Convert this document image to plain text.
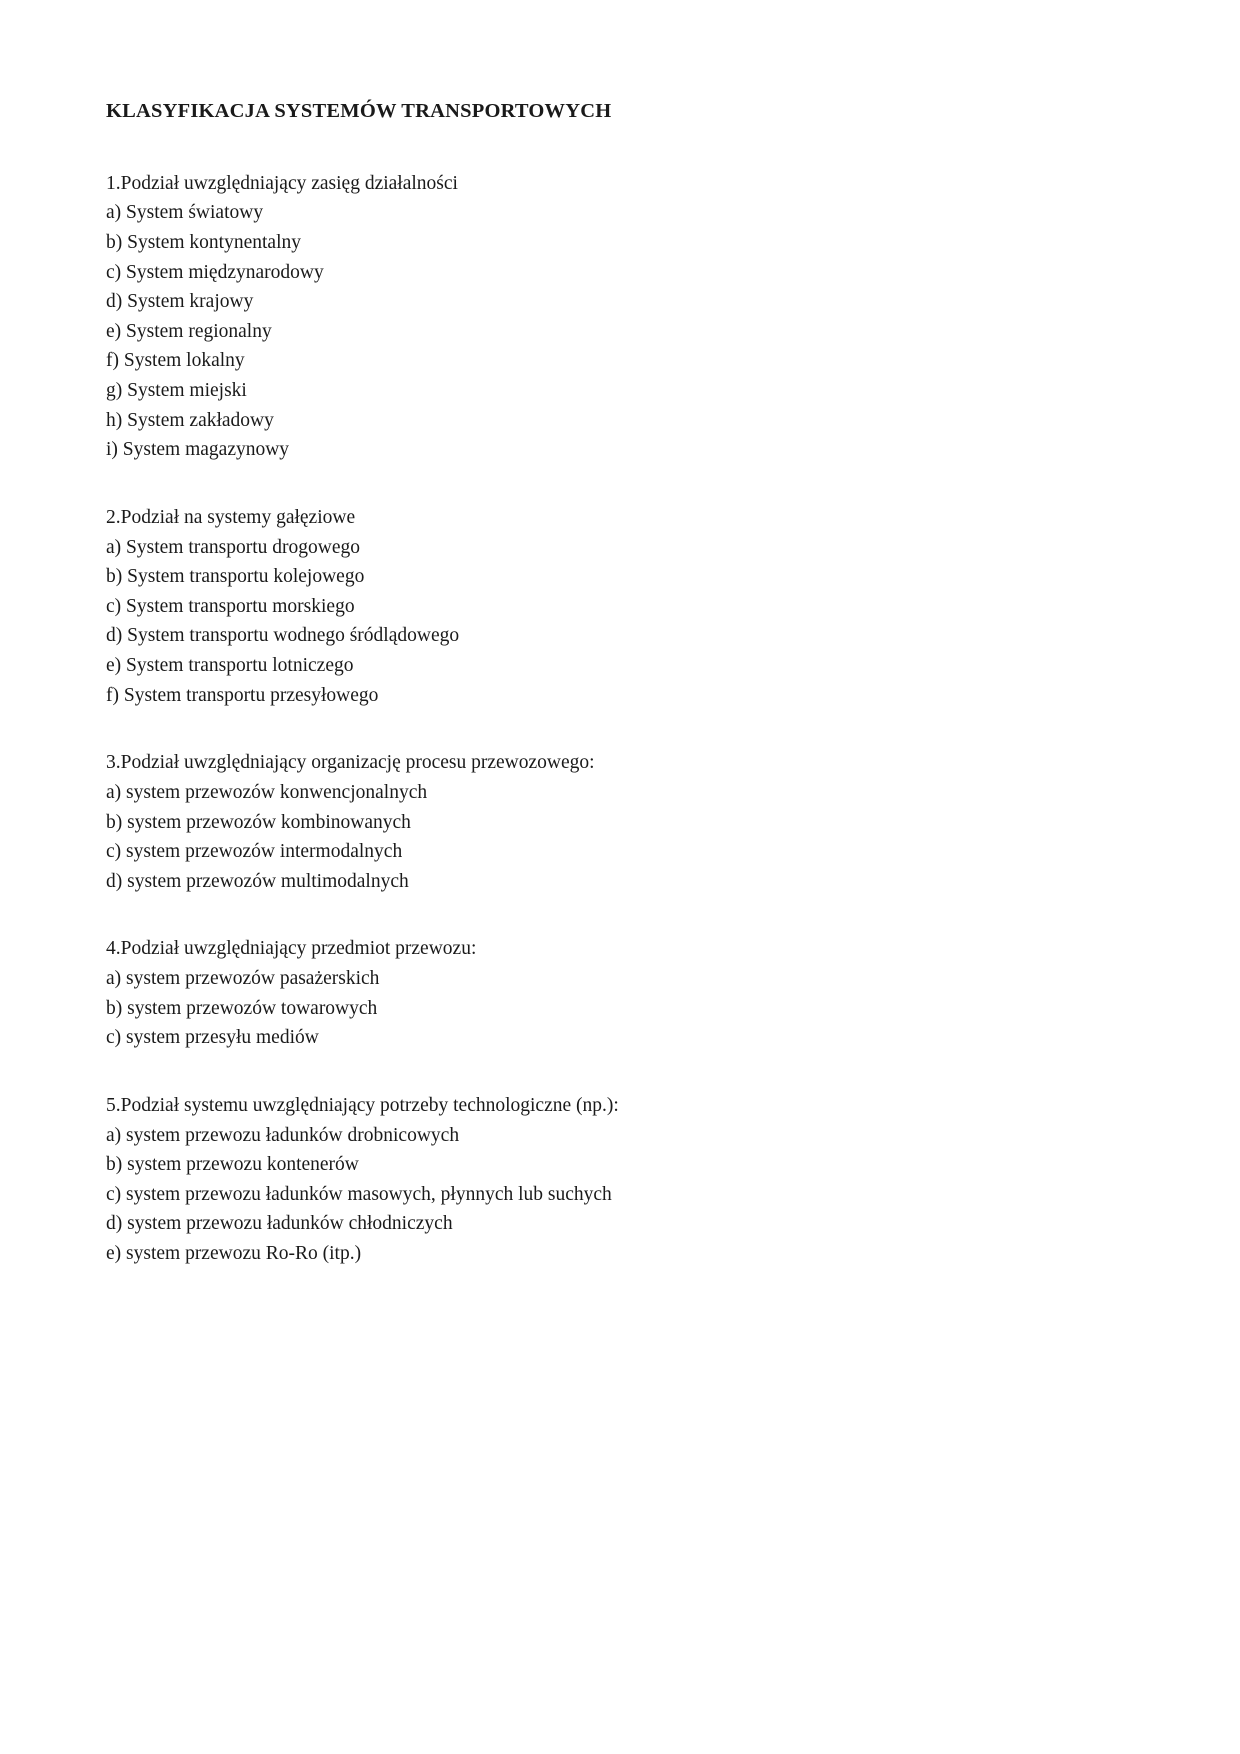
KLASYFIKACJA SYSTEMÓW TRANSPORTOWYCH

1.Podział uwzględniający zasięg działalności

a) System światowy

b) System kontynentalny

c) System międzynarodowy

d) System krajowy

e) System regionalny

f) System lokalny

g) System miejski

h) System zakładowy

i) System magazynowy

2.Podział na systemy gałęziowe

a) System transportu drogowego

b) System transportu kolejowego

c) System transportu morskiego

d) System transportu wodnego śródlądowego

e) System transportu lotniczego

f) System transportu przesyłowego

3.Podział uwzględniający organizację procesu przewozowego:

a) system przewozów konwencjonalnych

b) system przewozów kombinowanych

c) system przewozów intermodalnych

d) system przewozów multimodalnych

4.Podział uwzględniający przedmiot przewozu:

a) system przewozów pasażerskich

b) system przewozów towarowych

c) system przesyłu mediów

5.Podział systemu uwzględniający potrzeby technologiczne (np.):

a) system przewozu ładunków drobnicowych

b) system przewozu kontenerów

c) system przewozu ładunków masowych, płynnych lub suchych

d) system przewozu ładunków chłodniczych

e) system przewozu Ro-Ro (itp.)
